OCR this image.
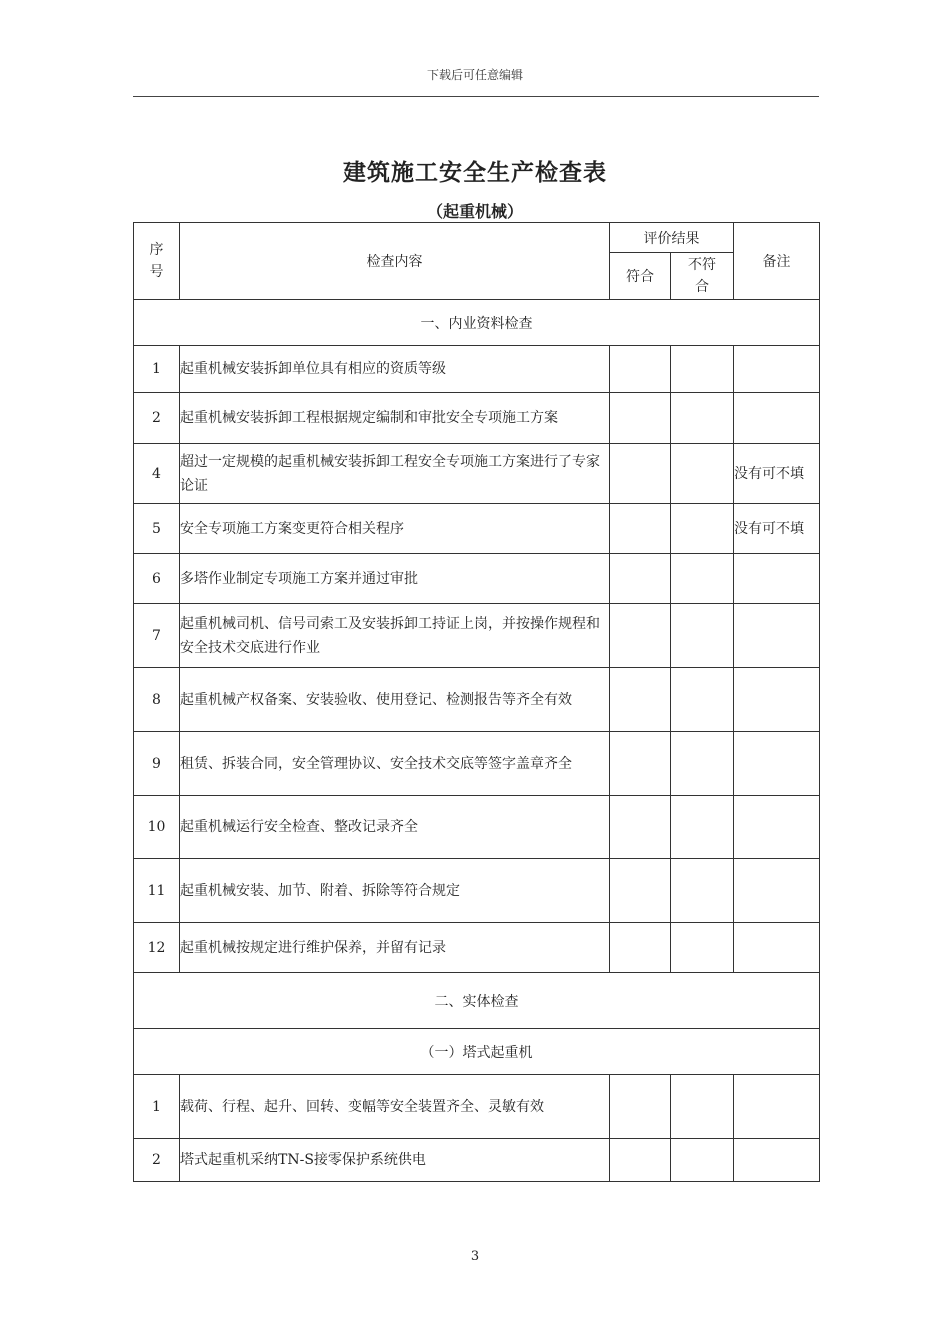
下载后可任意编辑
建筑施工安全生产检查表
（起重机械）
序号	检查内容	评价结果		备注
		符合	不符合	
一、内业资料检查				
1	起重机械安装拆卸单位具有相应的资质等级			
2	起重机械安装拆卸工程根据规定编制和审批安全专项施工方案			
4	超过一定规模的起重机械安装拆卸工程安全专项施工方案进行了专家论证			没有可不填
5	安全专项施工方案变更符合相关程序			没有可不填
6	多塔作业制定专项施工方案并通过审批			
7	起重机械司机、信号司索工及安装拆卸工持证上岗，并按操作规程和安全技术交底进行作业			
8	起重机械产权备案、安装验收、使用登记、检测报告等齐全有效			
9	租赁、拆装合同，安全管理协议、安全技术交底等签字盖章齐全			
10	起重机械运行安全检查、整改记录齐全			
11	起重机械安装、加节、附着、拆除等符合规定			
12	起重机械按规定进行维护保养，并留有记录			
二、实体检查				
（一）塔式起重机				
1	载荷、行程、起升、回转、变幅等安全装置齐全、灵敏有效			
2	塔式起重机采纳TN-S接零保护系统供电			
3
